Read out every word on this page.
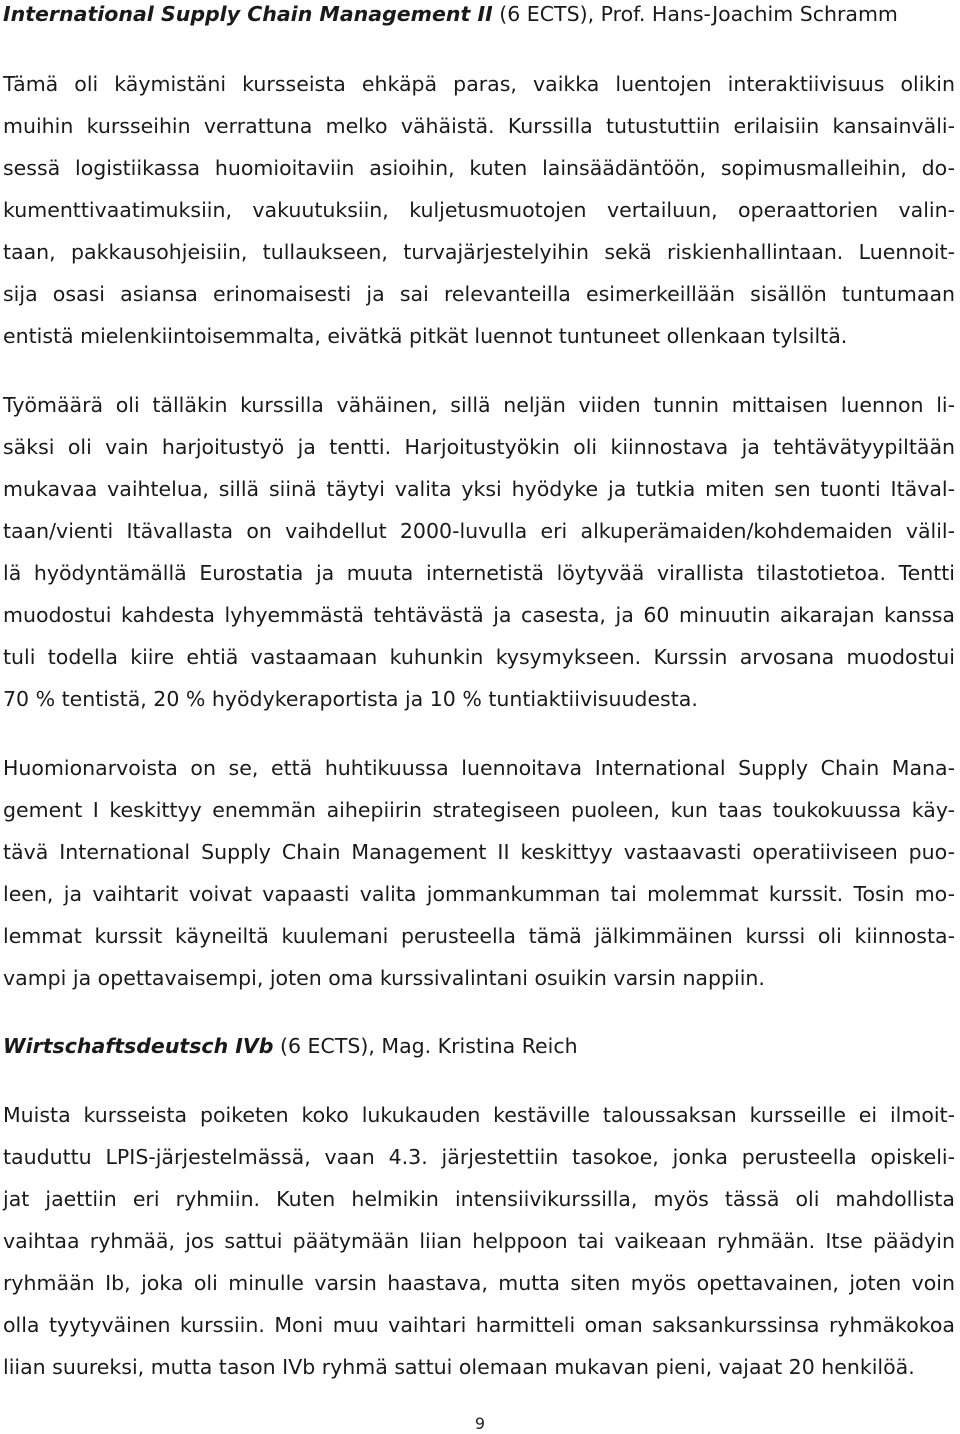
International Supply Chain Management II (6 ECTS), Prof. Hans-Joachim Schramm
Tämä oli käymistäni kursseista ehkäpä paras, vaikka luentojen interaktiivisuus olikin
muihin kursseihin verrattuna melko vähäistä. Kurssilla tutustuttiin erilaisiin kansainväli-
sessä logistiikassa huomioitaviin asioihin, kuten lainsäädäntöön, sopimusmalleihin, do-
kumenttivaatimuksiin, vakuutuksiin, kuljetusmuotojen vertailuun, operaattorien valin-
taan, pakkausohjeisiin, tullaukseen, turvajärjestelyihin sekä riskienhallintaan. Luennoit-
sija osasi asiansa erinomaisesti ja sai relevanteilla esimerkeillään sisällön tuntumaan
entistä mielenkiintoisemmalta, eivätkä pitkät luennot tuntuneet ollenkaan tylsiltä.
Työmäärä oli tälläkin kurssilla vähäinen, sillä neljän viiden tunnin mittaisen luennon li-
säksi oli vain harjoitustyö ja tentti. Harjoitustyökin oli kiinnostava ja tehtävätyypiltään
mukavaa vaihtelua, sillä siinä täytyi valita yksi hyödyke ja tutkia miten sen tuonti Itäval-
taan/vienti Itävallasta on vaihdellut 2000-luvulla eri alkuperämaiden/kohdemaiden välil-
lä hyödyntämällä Eurostatia ja muuta internetistä löytyvää virallista tilastotietoa. Tentti
muodostui kahdesta lyhyemmästä tehtävästä ja casesta, ja 60 minuutin aikarajan kanssa
tuli todella kiire ehtiä vastaamaan kuhunkin kysymykseen. Kurssin arvosana muodostui
70 % tentistä, 20 % hyödykeraportista ja 10 % tuntiaktiivisuudesta.
Huomionarvoista on se, että huhtikuussa luennoitava International Supply Chain Mana-
gement I keskittyy enemmän aihepiirin strategiseen puoleen, kun taas toukokuussa käy-
tävä International Supply Chain Management II keskittyy vastaavasti operatiiviseen puo-
leen, ja vaihtarit voivat vapaasti valita jommankumman tai molemmat kurssit. Tosin mo-
lemmat kurssit käyneiltä kuulemani perusteella tämä jälkimmäinen kurssi oli kiinnosta-
vampi ja opettavaisempi, joten oma kurssivalintani osuikin varsin nappiin.
Wirtschaftsdeutsch IVb (6 ECTS), Mag. Kristina Reich
Muista kursseista poiketen koko lukukauden kestäville taloussaksan kursseille ei ilmoit-
tauduttu LPIS-järjestelmässä, vaan 4.3. järjestettiin tasokoe, jonka perusteella opiskeli-
jat jaettiin eri ryhmiin. Kuten helmikin intensiivikurssilla, myös tässä oli mahdollista
vaihtaa ryhmää, jos sattui päätymään liian helppoon tai vaikeaan ryhmään. Itse päädyin
ryhmään Ib, joka oli minulle varsin haastava, mutta siten myös opettavainen, joten voin
olla tyytyväinen kurssiin. Moni muu vaihtari harmitteli oman saksankurssinsa ryhmäkokoa
liian suureksi, mutta tason IVb ryhmä sattui olemaan mukavan pieni, vajaat 20 henkilöä.
9
